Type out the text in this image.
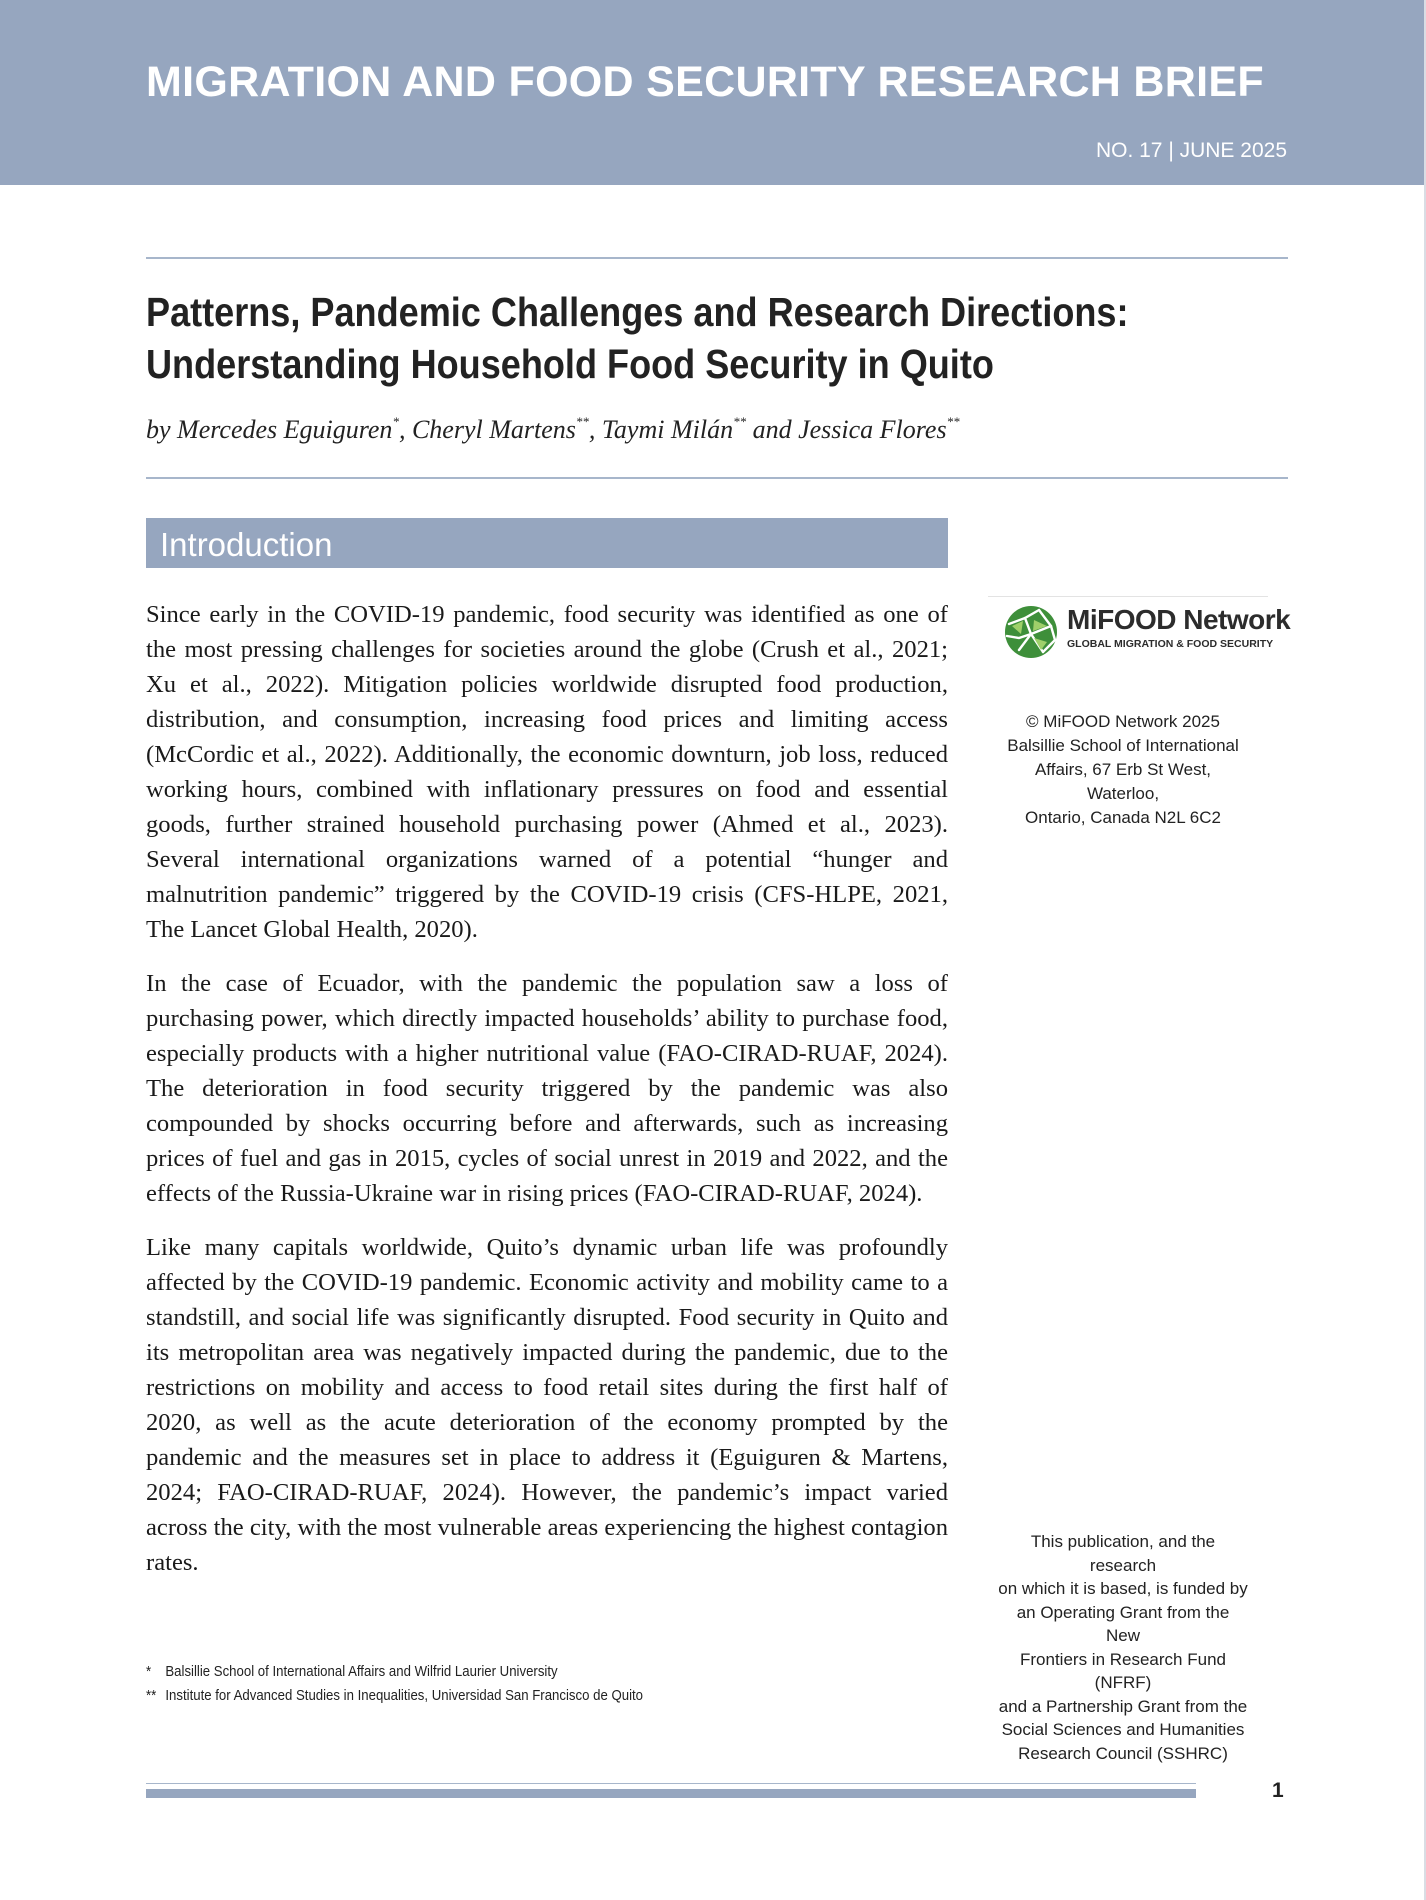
MIGRATION AND FOOD SECURITY RESEARCH BRIEF
NO. 17 | JUNE 2025
Patterns, Pandemic Challenges and Research Directions:
Understanding Household Food Security in Quito
by Mercedes Eguiguren*, Cheryl Martens**, Taymi Milán** and Jessica Flores**
Introduction

Since early in the COVID-19 pandemic, food security was identified as one of the most pressing challenges for societies around the globe (Crush et al., 2021; Xu et al., 2022). Mitigation policies worldwide disrupted food production, distribution, and consumption, increasing food prices and limiting access (McCordic et al., 2022). Additionally, the economic downturn, job loss, reduced working hours, combined with inflationary pressures on food and essential goods, further strained household purchasing power (Ahmed et al., 2023). Several international organizations warned of a potential “hunger and malnutrition pandemic” triggered by the COVID-19 crisis (CFS-HLPE, 2021, The Lancet Global Health, 2020).

In the case of Ecuador, with the pandemic the population saw a loss of purchasing power, which directly impacted households’ ability to purchase food, especially products with a higher nutritional value (FAO-CIRAD-RUAF, 2024). The deterioration in food security triggered by the pandemic was also compounded by shocks occurring before and afterwards, such as increasing prices of fuel and gas in 2015, cycles of social unrest in 2019 and 2022, and the effects of the Russia-Ukraine war in rising prices (FAO-CIRAD-RUAF, 2024).

Like many capitals worldwide, Quito’s dynamic urban life was profoundly affected by the COVID-19 pandemic. Economic activity and mobility came to a standstill, and social life was significantly disrupted. Food security in Quito and its metropolitan area was negatively impacted during the pandemic, due to the restrictions on mobility and access to food retail sites during the first half of 2020, as well as the acute deterioration of the economy prompted by the pandemic and the measures set in place to address it (Eguiguren & Martens, 2024; FAO-CIRAD-RUAF, 2024). However, the pandemic’s impact varied across the city, with the most vulnerable areas experiencing the highest contagion rates.

MiFOOD Network
GLOBAL MIGRATION & FOOD SECURITY
© MiFOOD Network 2025
Balsillie School of International
Affairs, 67 Erb St West, Waterloo,
Ontario, Canada N2L 6C2
This publication, and the research
on which it is based, is funded by
an Operating Grant from the New
Frontiers in Research Fund (NFRF)
and a Partnership Grant from the
Social Sciences and Humanities
Research Council (SSHRC)
* Balsillie School of International Affairs and Wilfrid Laurier University
** Institute for Advanced Studies in Inequalities, Universidad San Francisco de Quito
1
